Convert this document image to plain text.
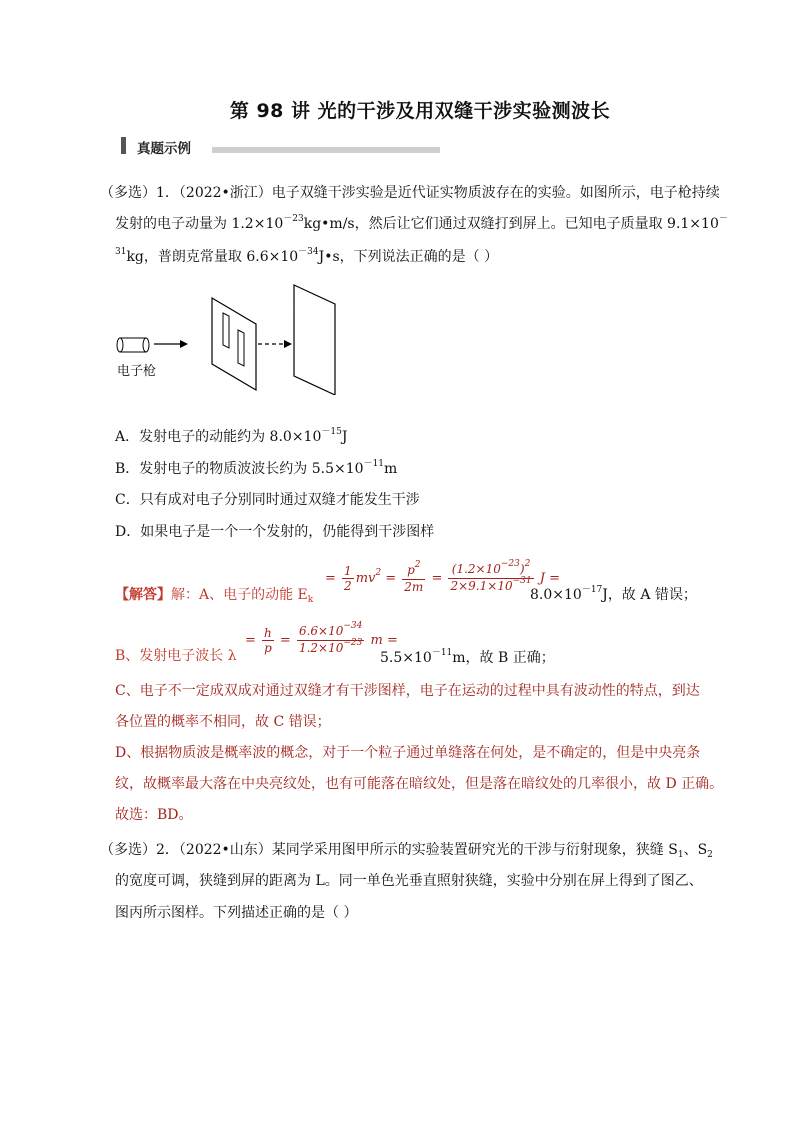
第 98 讲 光的干涉及用双缝干涉实验测波长
真题示例
（多选）1．（2022•浙江）电子双缝干涉实验是近代证实物质波存在的实验。如图所示，电子枪持续
发射的电子动量为 $1.2\times 10^{-23}kg•m/s$，然后让它们通过双缝打到屏上。已知电子质量取 9.1×10－
$^{31}$kg，普朗克常量取 $6.6\times 10^{-34}J•s$，下列说法正确的是（ ）
电子枪
A．发射电子的动能约为 $8.0\times 10^{-15}J$
B．发射电子的物质波波长约为 $5.5\times 10^{-11}m$
C．只有成对电子分别同时通过双缝才能发生干涉
D．如果电子是一个一个发射的，仍能得到干涉图样
【解答】解：A、电子的动能 $E_k$
= $\frac{1}{2} mv^2 = \frac{p^2}{2m} = \frac{(1.2\times 10^{-23})^2}{2\times 9.1\times 10^{-31}}$ J =
$8.0\times 10^{-17}J$，故 A 错误；
B、发射电子波长 λ
= $\frac{h}{p} = \frac{6.6\times 10^{-34}}{1.2\times 10^{-23}}$ m =
$5.5\times 10^{-11}m$，故 B 正确；
C、电子不一定成双成对通过双缝才有干涉图样，电子在运动的过程中具有波动性的特点，到达
各位置的概率不相同，故 C 错误；
D、根据物质波是概率波的概念，对于一个粒子通过单缝落在何处，是不确定的，但是中央亮条
纹，故概率最大落在中央亮纹处，也有可能落在暗纹处，但是落在暗纹处的几率很小，故 D 正确。
故选：BD。
（多选）2．（2022•山东）某同学采用图甲所示的实验装置研究光的干涉与衍射现象，狭缝 $S_1$、$S_2$
的宽度可调，狭缝到屏的距离为 L。同一单色光垂直照射狭缝，实验中分别在屏上得到了图乙、
图丙所示图样。下列描述正确的是（ ）
